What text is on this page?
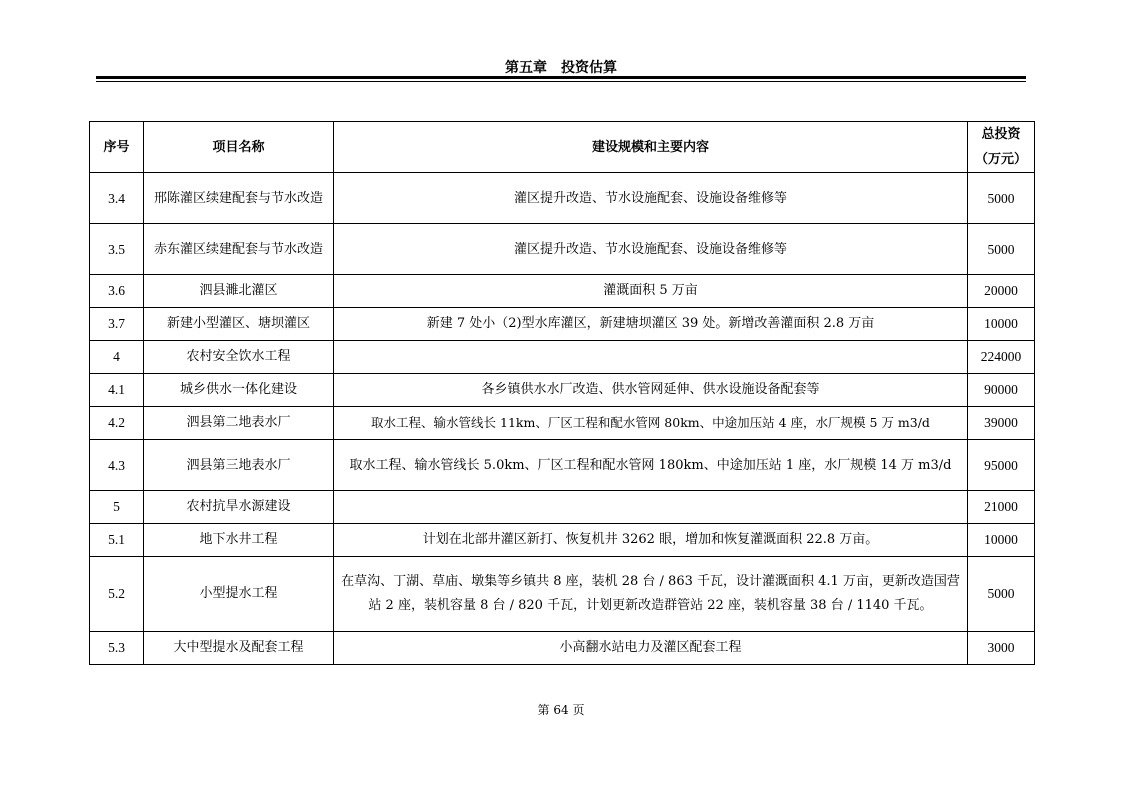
第五章　投资估算
序号	项目名称	建设规模和主要内容	总投资
（万元）
3.4	邢陈灌区续建配套与节水改造	灌区提升改造、节水设施配套、设施设备维修等	5000
3.5	赤东灌区续建配套与节水改造	灌区提升改造、节水设施配套、设施设备维修等	5000
3.6	泗县濉北灌区	灌溉面积 5 万亩	20000
3.7	新建小型灌区、塘坝灌区	新建 7 处小（2)型水库灌区，新建塘坝灌区 39 处。新增改善灌面积 2.8 万亩	10000
4	农村安全饮水工程		224000
4.1	城乡供水一体化建设	各乡镇供水水厂改造、供水管网延伸、供水设施设备配套等	90000
4.2	泗县第二地表水厂	取水工程、输水管线长 11km、厂区工程和配水管网 80km、中途加压站 4 座，水厂规模 5 万 m3/d	39000
4.3	泗县第三地表水厂	取水工程、输水管线长 5.0km、厂区工程和配水管网 180km、中途加压站 1 座，水厂规模 14 万 m3/d	95000
5	农村抗旱水源建设		21000
5.1	地下水井工程	计划在北部井灌区新打、恢复机井 3262 眼，增加和恢复灌溉面积 22.8 万亩。	10000
5.2	小型提水工程	在草沟、丁湖、草庙、墩集等乡镇共 8 座，装机 28 台 / 863 千瓦，设计灌溉面积 4.1 万亩，更新改造国营站 2 座，装机容量 8 台 / 820 千瓦，计划更新改造群管站 22 座，装机容量 38 台 / 1140 千瓦。	5000
5.3	大中型提水及配套工程	小高翻水站电力及灌区配套工程	3000
第 64 页
